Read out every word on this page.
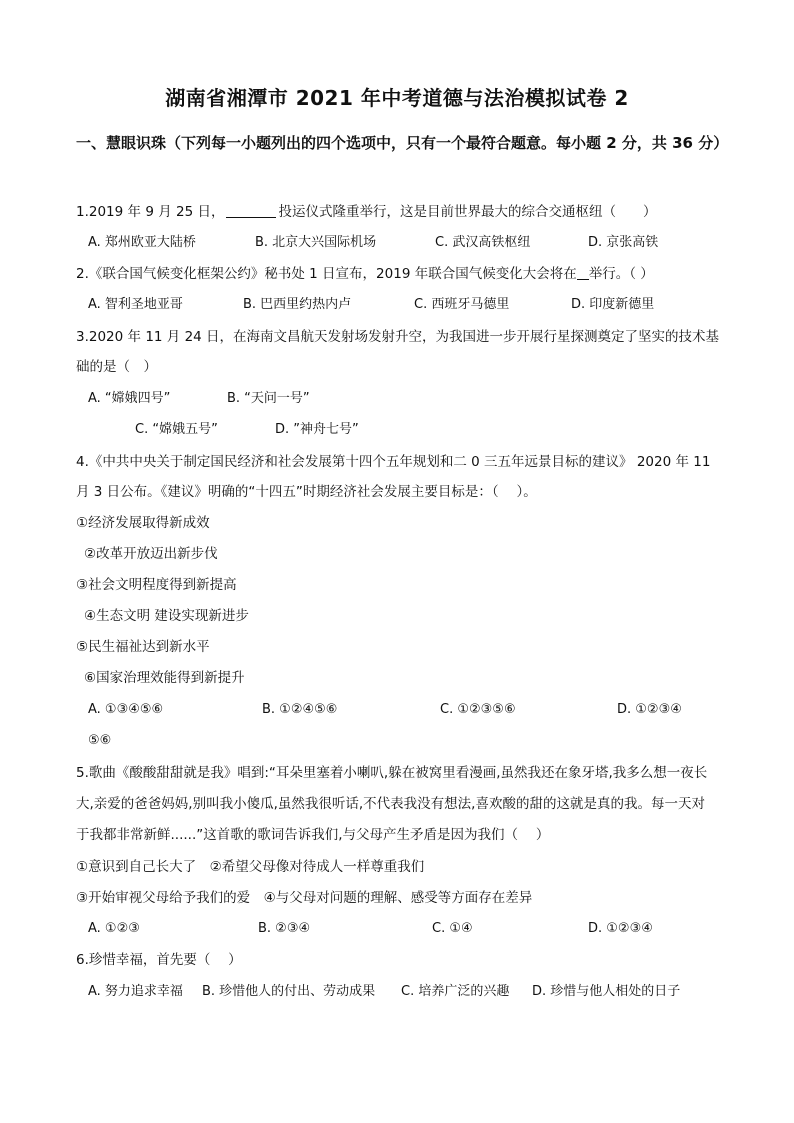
湖南省湘潭市 2021 年中考道德与法治模拟试卷 2
一、慧眼识珠（下列每一小题列出的四个选项中，只有一个最符合题意。每小题 2 分，共 36 分）
1.2019 年 9 月 25 日，	投运仪式隆重举行，这是目前世界最大的综合交通枢纽（　　）
A. 郑州欧亚大陆桥	B. 北京大兴国际机场	C. 武汉高铁枢纽	D. 京张高铁
2.《联合国气候变化框架公约》秘书处 1 日宣布，2019 年联合国气候变化大会将在 举行。（ ）
A. 智利圣地亚哥	B. 巴西里约热内卢	C. 西班牙马德里	D. 印度新德里
3.2020 年 11 月 24 日，在海南文昌航天发射场发射升空，为我国进一步开展行星探测奠定了坚实的技术基
础的是（　）
A. “嫦娥四号”	B. “天问一号”
C. “嫦娥五号”	D. ”神舟七号”
4.《中共中央关于制定国民经济和社会发展第十四个五年规划和二 0 三五年远景目标的建议》 2020 年 11
月 3 日公布。《建议》明确的“十四五”时期经济社会发展主要目标是：（　 ）。
①经济发展取得新成效
②改革开放迈出新步伐
③社会文明程度得到新提高
④生态文明 建设实现新进步
⑤民生福祉达到新水平
⑥国家治理效能得到新提升
A. ①③④⑤⑥	B. ①②④⑤⑥	C. ①②③⑤⑥	D. ①②③④
⑤⑥
5.歌曲《酸酸甜甜就是我》唱到:“耳朵里塞着小喇叭,躲在被窝里看漫画,虽然我还在象牙塔,我多么想一夜长
大,亲爱的爸爸妈妈,别叫我小傻瓜,虽然我很听话,不代表我没有想法,喜欢酸的甜的这就是真的我。每一天对
于我都非常新鲜......”这首歌的歌词告诉我们,与父母产生矛盾是因为我们（　 ）
①意识到自己长大了　②希望父母像对待成人一样尊重我们
③开始审视父母给予我们的爱　④与父母对问题的理解、感受等方面存在差异
A. ①②③	B. ②③④	C. ①④	D. ①②③④
6.珍惜幸福，首先要（　 ）
A. 努力追求幸福 B. 珍惜他人的付出、劳动成果 C. 培养广泛的兴趣 D. 珍惜与他人相处的日子
